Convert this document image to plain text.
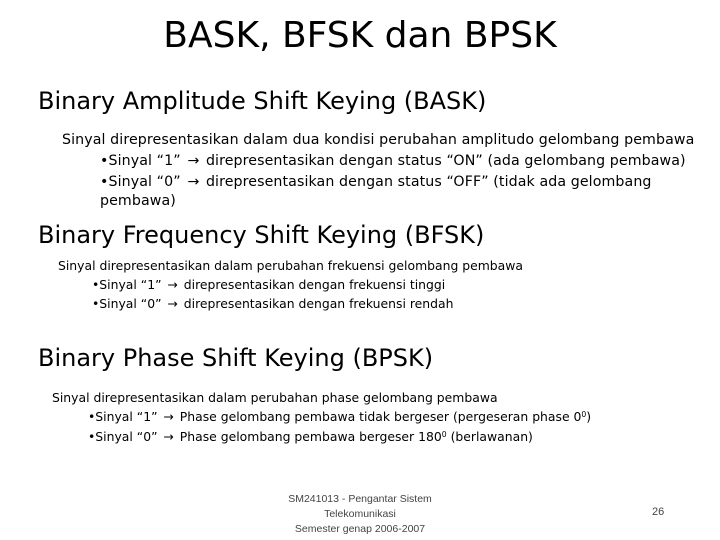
BASK, BFSK dan BPSK
Binary Amplitude Shift Keying (BASK)
Sinyal direpresentasikan dalam dua kondisi perubahan amplitudo gelombang pembawa
•Sinyal “1” → direpresentasikan dengan status “ON” (ada gelombang pembawa)
•Sinyal “0” → direpresentasikan dengan status “OFF” (tidak ada gelombang
pembawa)
Binary Frequency Shift Keying (BFSK)
Sinyal direpresentasikan dalam perubahan frekuensi gelombang pembawa
•Sinyal “1” → direpresentasikan dengan frekuensi tinggi
•Sinyal “0” → direpresentasikan dengan frekuensi rendah
Binary Phase Shift Keying (BPSK)
Sinyal direpresentasikan dalam perubahan phase gelombang pembawa
•Sinyal “1” → Phase gelombang pembawa tidak bergeser (pergeseran phase $0^0$)
•Sinyal “0” → Phase gelombang pembawa bergeser $180^0$ (berlawanan)
SM241013 - Pengantar Sistem
Telekomunikasi
Semester genap 2006-2007
26
